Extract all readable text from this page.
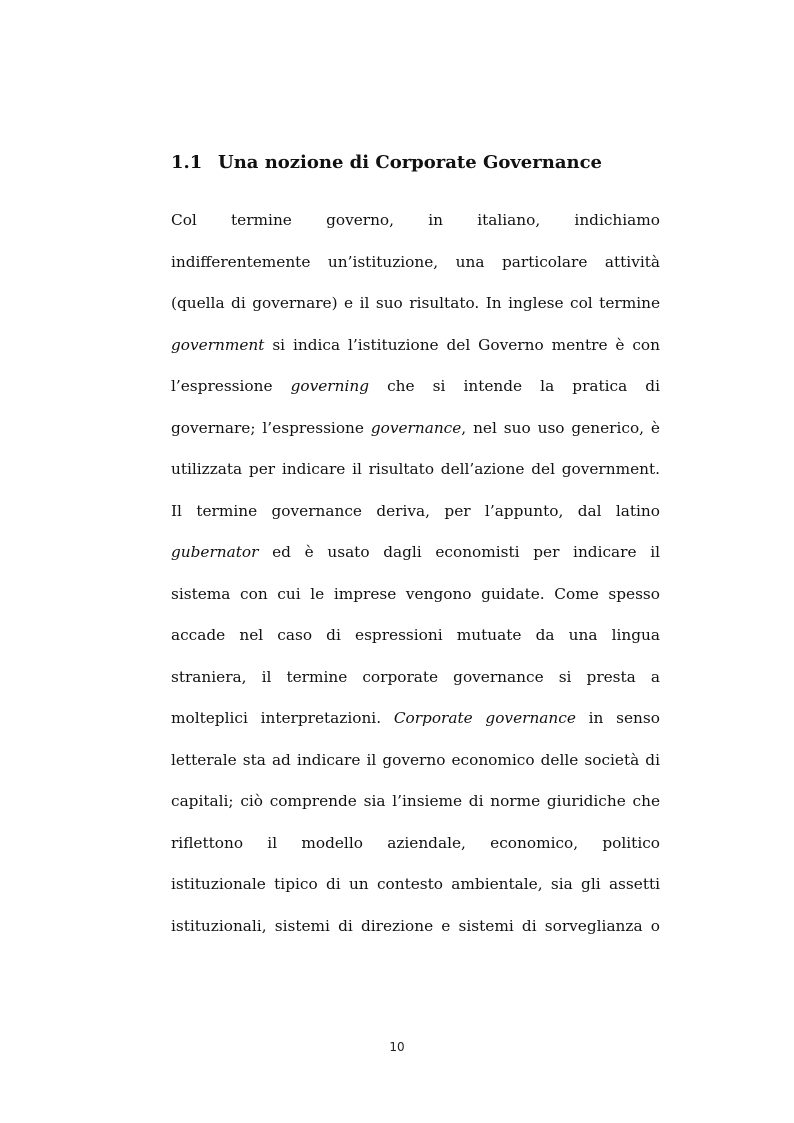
1.1 Una nozione di Corporate Governance
Col termine governo, in italiano, indichiamo
indifferentemente un’istituzione, una particolare attività
(quella di governare) e il suo risultato. In inglese col termine
government si indica l’istituzione del Governo mentre è con
l’espressione governing che si intende la pratica di
governare; l’espressione governance, nel suo uso generico, è
utilizzata per indicare il risultato dell’azione del government.
Il termine governance deriva, per l’appunto, dal latino
gubernator ed è usato dagli economisti per indicare il
sistema con cui le imprese vengono guidate. Come spesso
accade nel caso di espressioni mutuate da una lingua
straniera, il termine corporate governance si presta a
molteplici interpretazioni. Corporate governance in senso
letterale sta ad indicare il governo economico delle società di
capitali; ciò comprende sia l’insieme di norme giuridiche che
riflettono il modello aziendale, economico, politico
istituzionale tipico di un contesto ambientale, sia gli assetti
istituzionali, sistemi di direzione e sistemi di sorveglianza o
10
